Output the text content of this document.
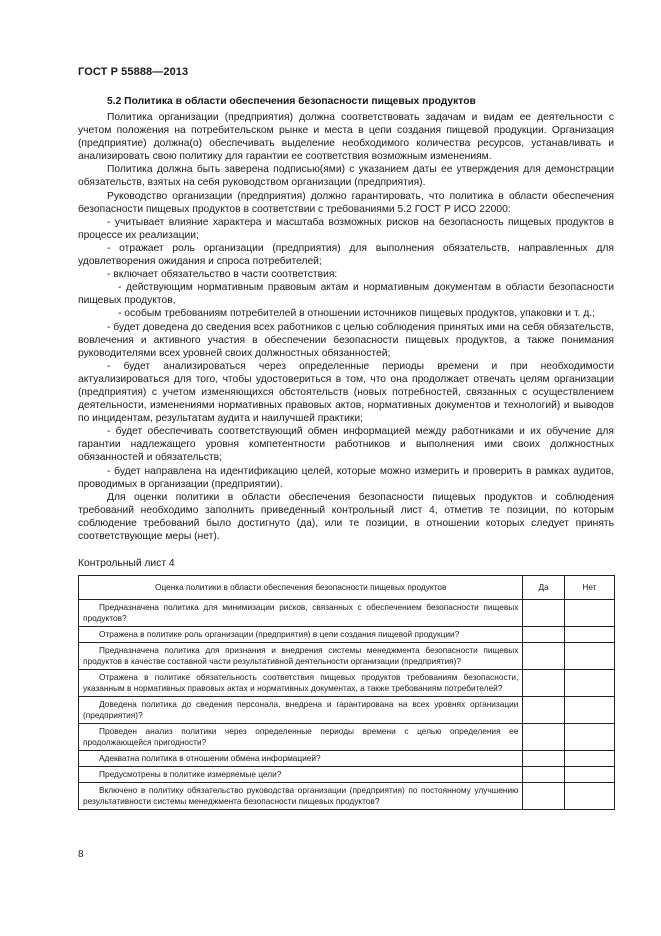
ГОСТ Р 55888—2013
5.2 Политика в области обеспечения безопасности пищевых продуктов

Политика организации (предприятия) должна соответствовать задачам и видам ее деятельности с учетом положения на потребительском рынке и места в цепи создания пищевой продукции. Организация (предприятие) должна(о) обеспечивать выделение необходимого количества ресурсов, устанавливать и анализировать свою политику для гарантии ее соответствия возможным изменениям.

Политика должна быть заверена подписью(ями) с указанием даты ее утверждения для демонстрации обязательств, взятых на себя руководством организации (предприятия).

Руководство организации (предприятия) должно гарантировать, что политика в области обеспечения безопасности пищевых продуктов в соответствии с требованиями 5.2 ГОСТ Р ИСО 22000:

- учитывает влияние характера и масштаба возможных рисков на безопасность пищевых продуктов в процессе их реализации;

- отражает роль организации (предприятия) для выполнения обязательств, направленных для удовлетворения ожидания и спроса потребителей;

- включает обязательство в части соответствия:

- действующим нормативным правовым актам и нормативным документам в области безопасности пищевых продуктов,

- особым требованиям потребителей в отношении источников пищевых продуктов, упаковки и т. д.;

- будет доведена до сведения всех работников с целью соблюдения принятых ими на себя обязательств, вовлечения и активного участия в обеспечении безопасности пищевых продуктов, а также понимания руководителями всех уровней своих должностных обязанностей;

- будет анализироваться через определенные периоды времени и при необходимости актуализироваться для того, чтобы удостовериться в том, что она продолжает отвечать целям организации (предприятия) с учетом изменяющихся обстоятельств (новых потребностей, связанных с осуществлением деятельности, изменениями нормативных правовых актов, нормативных документов и технологий) и выводов по инцидентам, результатам аудита и наилучшей практики;

- будет обеспечивать соответствующий обмен информацией между работниками и их обучение для гарантии надлежащего уровня компетентности работников и выполнения ими своих должностных обязанностей и обязательств;

- будет направлена на идентификацию целей, которые можно измерить и проверить в рамках аудитов, проводимых в организации (предприятии).

Для оценки политики в области обеспечения безопасности пищевых продуктов и соблюдения требований необходимо заполнить приведенный контрольный лист 4, отметив те позиции, по которым соблюдение требований было достигнуто (да), или те позиции, в отношении которых следует принять соответствующие меры (нет).

Контрольный лист 4
Оценка политики в области обеспечения безопасности пищевых продуктов	Да	Нет
Предназначена политика для минимизации рисков, связанных с обеспечением безопасности пищевых продуктов?		
Отражена в политике роль организации (предприятия) в цепи создания пищевой продукции?		
Предназначена политика для признания и внедрения системы менеджмента безопасности пищевых продуктов в качестве составной части результативной деятельности организации (предприятия)?		
Отражена в политике обязательность соответствия пищевых продуктов требованиям безопасности, указанным в нормативных правовых актах и нормативных документах, а также требованиям потребителей?		
Доведена политика до сведения персонала, внедрена и гарантирована на всех уровнях организации (предприятия)?		
Проведен анализ политики через определенные периоды времени с целью определения ее продолжающейся пригодности?		
Адекватна политика в отношении обмена информацией?		
Предусмотрены в политике измеряемые цели?		
Включено в политику обязательство руководства организации (предприятия) по постоянному улучшению результативности системы менеджмента безопасности пищевых продуктов?		
8
